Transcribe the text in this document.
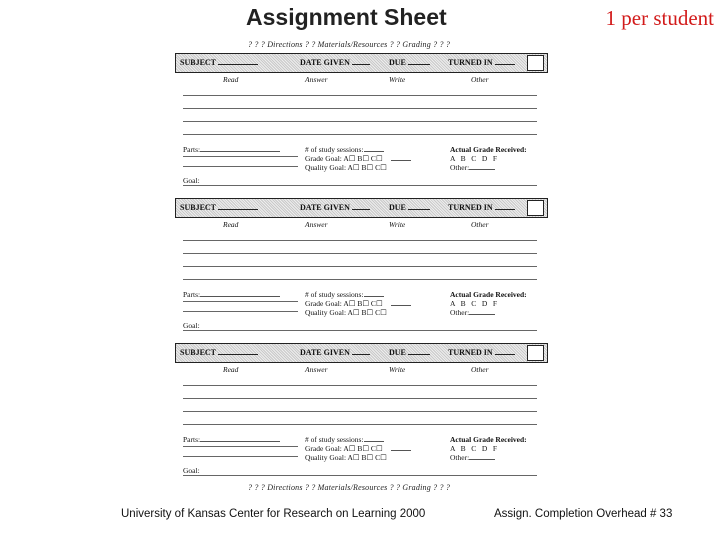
Assignment Sheet	1 per student
? ? ? Directions ? ? Materials/Resources ? ? Grading ? ? ?
SUBJECT	DATE GIVEN	DUE	TURNED IN
Read	Answer	Write	Other
Parts:	# of study sessions:
Grade Goal: A☐ B☐ C☐
Quality Goal: A☐ B☐ C☐
Actual Grade Received:
A   B   C   D   F
Other:
Goal:
SUBJECT	DATE GIVEN	DUE	TURNED IN
Read	Answer	Write	Other
Parts:	# of study sessions:
Grade Goal: A☐ B☐ C☐
Quality Goal: A☐ B☐ C☐
Actual Grade Received:
A   B   C   D   F
Other:
Goal:
SUBJECT	DATE GIVEN	DUE	TURNED IN
Read	Answer	Write	Other
Parts:	# of study sessions:
Grade Goal: A☐ B☐ C☐
Quality Goal: A☐ B☐ C☐
Actual Grade Received:
A   B   C   D   F
Other:
Goal:
? ? ? Directions ? ? Materials/Resources ? ? Grading ? ? ?
University of Kansas Center for Research on Learning 2000	Assign. Completion Overhead # 33
